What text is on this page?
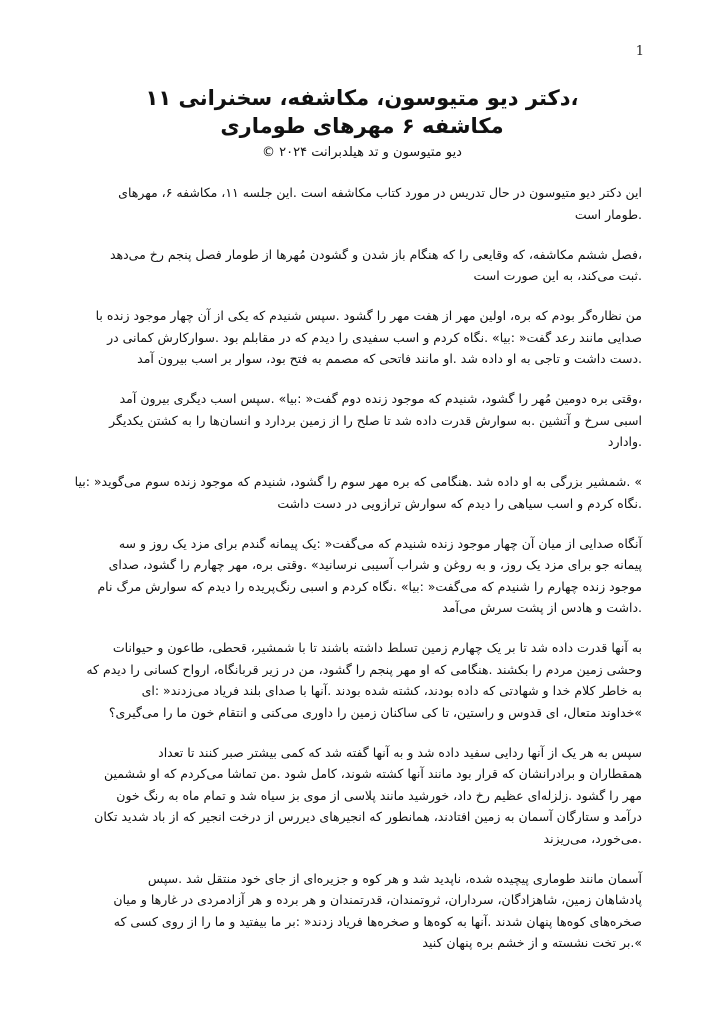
1
،دکتر دیو متیوسون، مکاشفه، سخنرانی ۱۱
مکاشفه ۶ مهرهای طوماری
دیو متیوسون و تد هیلدبرانت ۲۰۲۴ ©
این دکتر دیو متیوسون در حال تدریس در مورد کتاب مکاشفه است .این جلسه ۱۱، مکاشفه ۶، مهرهای
.طومار است
،فصل ششم مکاشفه، که وقایعی را که هنگام باز شدن و گشودن مُهرها از طومار فصل پنجم رخ می‌دهد
.ثبت می‌کند، به این صورت است
من نظاره‌گر بودم که بره، اولین مهر از هفت مهر را گشود .سپس شنیدم که یکی از آن چهار موجود زنده با
صدایی مانند رعد گفت« :بیا» .نگاه کردم و اسب سفیدی را دیدم که در مقابلم بود .سوارکارش کمانی در
.دست داشت و تاجی به او داده شد .او مانند فاتحی که مصمم به فتح بود، سوار بر اسب بیرون آمد
،وقتی بره دومین مُهر را گشود، شنیدم که موجود زنده دوم گفت« :بیا» .سپس اسب دیگری بیرون آمد
اسبی سرخ و آتشین .به سوارش قدرت داده شد تا صلح را از زمین بردارد و انسان‌ها را به کشتن یکدیگر
.وادارد
» .شمشیر بزرگی به او داده شد .هنگامی که بره مهر سوم را گشود، شنیدم که موجود زنده سوم می‌گوید« :بیا
.نگاه کردم و اسب سیاهی را دیدم که سوارش ترازویی در دست داشت
آنگاه صدایی از میان آن چهار موجود زنده شنیدم که می‌گفت« :یک پیمانه گندم برای مزد یک روز و سه
پیمانه جو برای مزد یک روز، و به روغن و شراب آسیبی نرسانید» .وقتی بره، مهر چهارم را گشود، صدای
موجود زنده چهارم را شنیدم که می‌گفت« :بیا» .نگاه کردم و اسبی رنگ‌پریده را دیدم که سوارش مرگ نام
.داشت و هادس از پشت سرش می‌آمد
به آنها قدرت داده شد تا بر یک چهارم زمین تسلط داشته باشند تا با شمشیر، قحطی، طاعون و حیوانات
وحشی زمین مردم را بکشند .هنگامی که او مهر پنجم را گشود، من در زیر قربانگاه، ارواح کسانی را دیدم که
به خاطر کلام خدا و شهادتی که داده بودند، کشته شده بودند .آنها با صدای بلند فریاد می‌زدند« :ای
»خداوند متعال، ای قدوس و راستین، تا کی ساکنان زمین را داوری می‌کنی و انتقام خون ما را می‌گیری؟
سپس به هر یک از آنها ردایی سفید داده شد و به آنها گفته شد که کمی بیشتر صبر کنند تا تعداد
همقطاران و برادرانشان که قرار بود مانند آنها کشته شوند، کامل شود .من تماشا می‌کردم که او ششمین
مهر را گشود .زلزله‌ای عظیم رخ داد، خورشید مانند پلاسی از موی بز سیاه شد و تمام ماه به رنگ خون
درآمد و ستارگان آسمان به زمین افتادند، همانطور که انجیرهای دیررس از درخت انجیر که از باد شدید تکان
.می‌خورد، می‌ریزند
آسمان مانند طوماری پیچیده شده، ناپدید شد و هر کوه و جزیره‌ای از جای خود منتقل شد .سپس
پادشاهان زمین، شاهزادگان، سرداران، ثروتمندان، قدرتمندان و هر برده و هر آزادمردی در غارها و میان
صخره‌های کوه‌ها پنهان شدند .آنها به کوه‌ها و صخره‌ها فریاد زدند« :بر ما بیفتید و ما را از روی کسی که
».بر تخت نشسته و از خشم بره پنهان کنید
